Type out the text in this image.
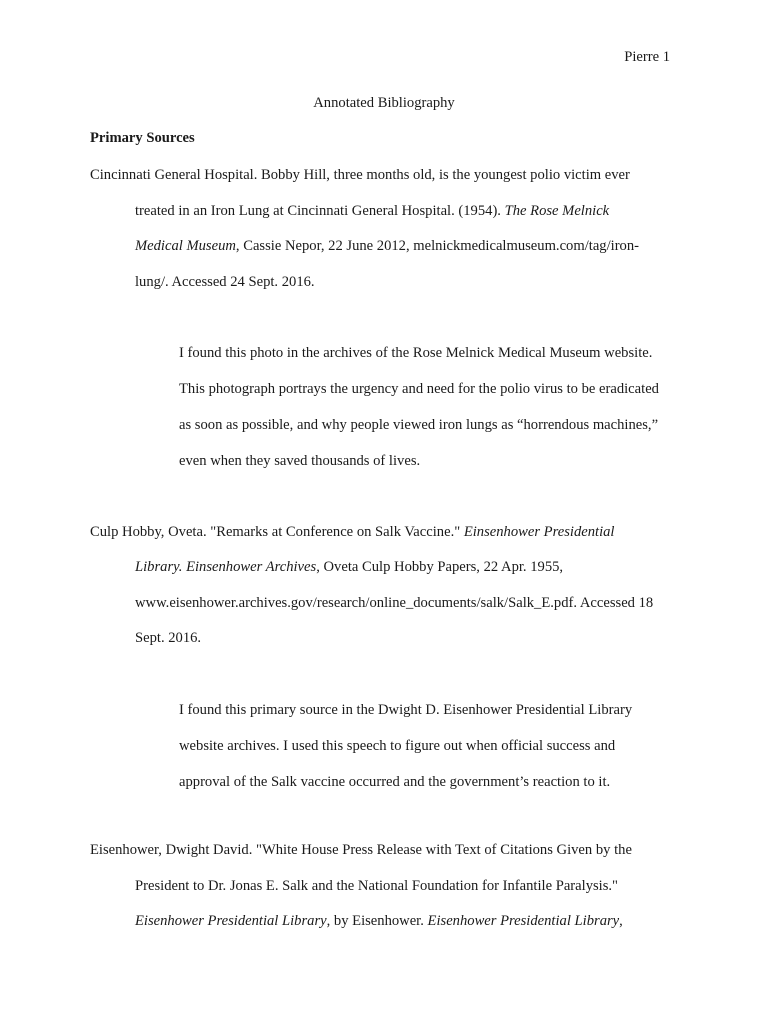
Pierre 1
Annotated Bibliography
Primary Sources
Cincinnati General Hospital. Bobby Hill, three months old, is the youngest polio victim ever
treated in an Iron Lung at Cincinnati General Hospital. (1954). The Rose Melnick
Medical Museum, Cassie Nepor, 22 June 2012, melnickmedicalmuseum.com/tag/iron-
lung/. Accessed 24 Sept. 2016.
I found this photo in the archives of the Rose Melnick Medical Museum website.
This photograph portrays the urgency and need for the polio virus to be eradicated
as soon as possible, and why people viewed iron lungs as “horrendous machines,”
even when they saved thousands of lives.
Culp Hobby, Oveta. "Remarks at Conference on Salk Vaccine." Einsenhower Presidential
Library. Einsenhower Archives, Oveta Culp Hobby Papers, 22 Apr. 1955,
www.eisenhower.archives.gov/research/online_documents/salk/Salk_E.pdf. Accessed 18
Sept. 2016.
I found this primary source in the Dwight D. Eisenhower Presidential Library
website archives. I used this speech to figure out when official success and
approval of the Salk vaccine occurred and the government’s reaction to it.
Eisenhower, Dwight David. "White House Press Release with Text of Citations Given by the
President to Dr. Jonas E. Salk and the National Foundation for Infantile Paralysis."
Eisenhower Presidential Library, by Eisenhower. Eisenhower Presidential Library,
